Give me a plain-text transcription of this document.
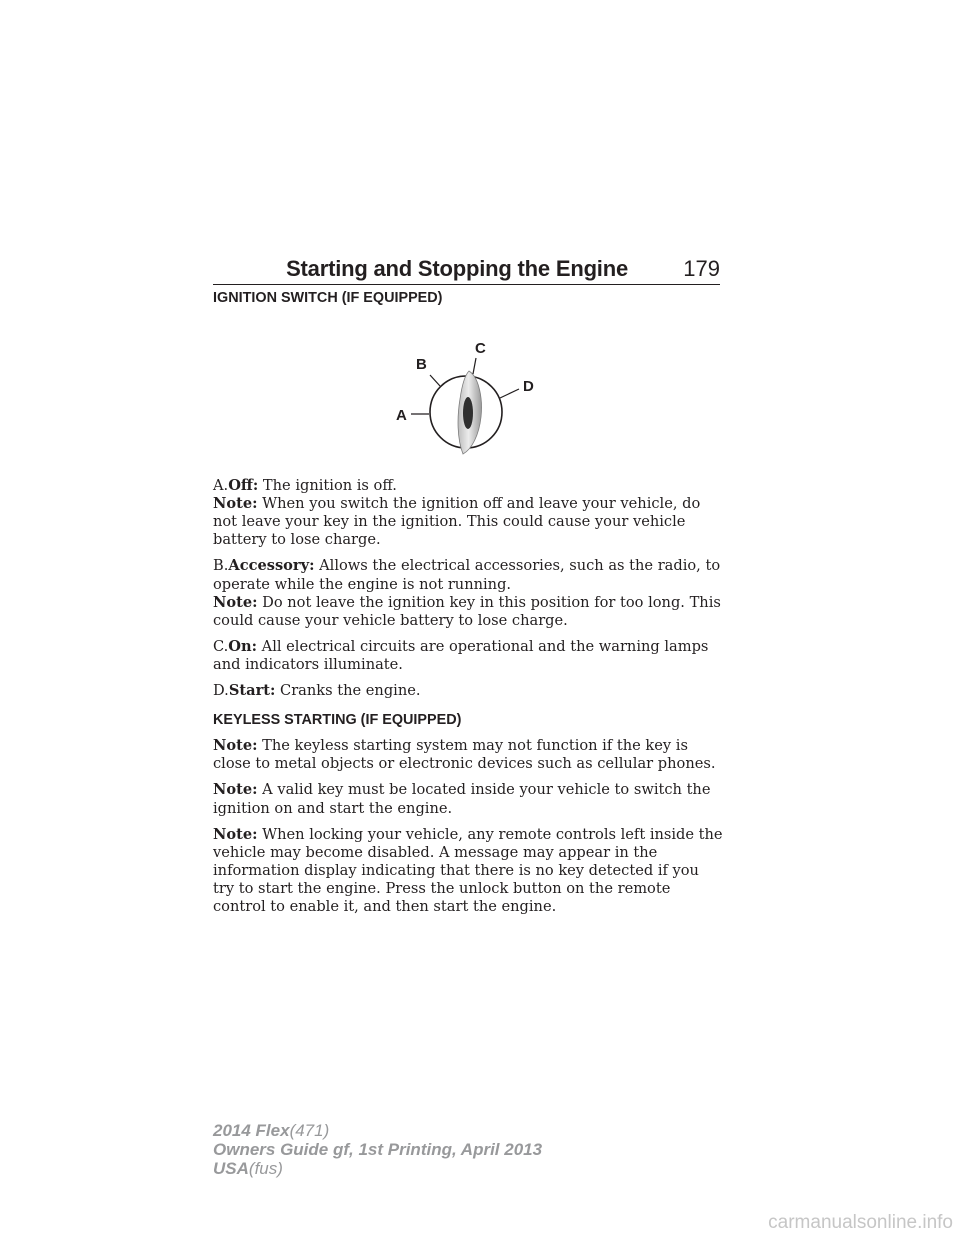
Starting and Stopping the Engine	179

IGNITION SWITCH (IF EQUIPPED)

A
B
C
D

A.Off: The ignition is off.

Note: When you switch the ignition off and leave your vehicle, do not leave your key in the ignition. This could cause your vehicle battery to lose charge.

B.Accessory: Allows the electrical accessories, such as the radio, to operate while the engine is not running.

Note: Do not leave the ignition key in this position for too long. This could cause your vehicle battery to lose charge.

C.On: All electrical circuits are operational and the warning lamps and indicators illuminate.

D.Start: Cranks the engine.

KEYLESS STARTING (IF EQUIPPED)

Note: The keyless starting system may not function if the key is close to metal objects or electronic devices such as cellular phones.

Note: A valid key must be located inside your vehicle to switch the ignition on and start the engine.

Note: When locking your vehicle, any remote controls left inside the vehicle may become disabled. A message may appear in the information display indicating that there is no key detected if you try to start the engine. Press the unlock button on the remote control to enable it, and then start the engine.

2014 Flex(471)
Owners Guide gf, 1st Printing, April 2013
USA(fus)
carmanualsonline.info
